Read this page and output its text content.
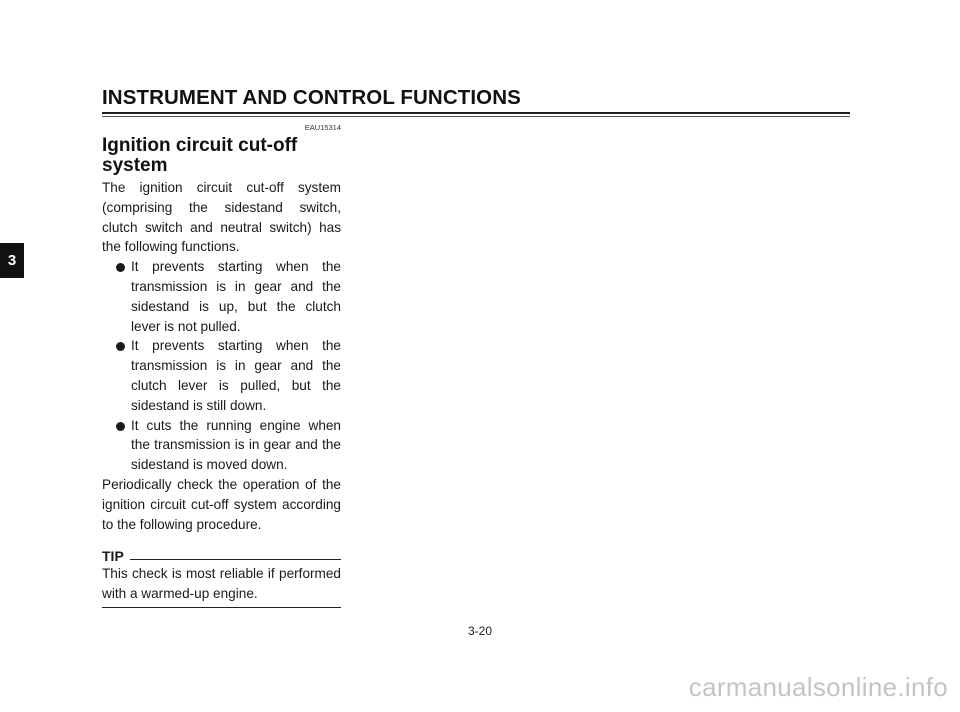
INSTRUMENT AND CONTROL FUNCTIONS
3
EAU15314
Ignition circuit cut-off system

The ignition circuit cut-off system (comprising the sidestand switch, clutch switch and neutral switch) has the following functions.

It prevents starting when the transmission is in gear and the sidestand is up, but the clutch lever is not pulled.
It prevents starting when the transmission is in gear and the clutch lever is pulled, but the sidestand is still down.
It cuts the running engine when the transmission is in gear and the sidestand is moved down.

Periodically check the operation of the ignition circuit cut-off system according to the following procedure.

TIP

This check is most reliable if performed with a warmed-up engine.

3-20
carmanualsonline.info
